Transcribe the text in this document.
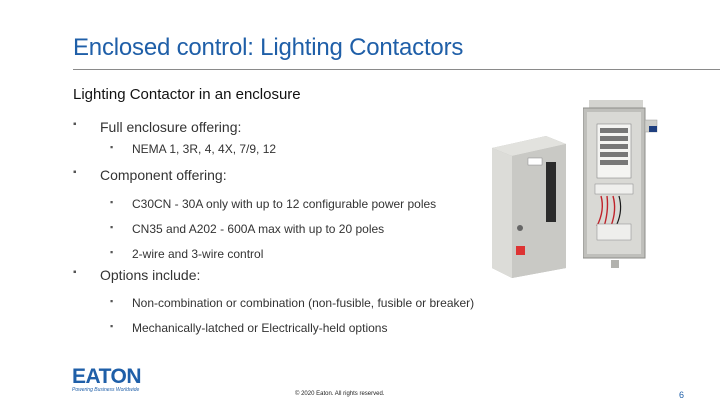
Enclosed control: Lighting Contactors
Lighting Contactor in an enclosure
▪ Full enclosure offering:
▪ NEMA 1, 3R, 4, 4X, 7/9, 12
▪ Component offering:
▪ C30CN - 30A only with up to 12 configurable power poles
▪ CN35 and A202 - 600A max with up to 20 poles
▪ 2-wire and 3-wire control
▪ Options include:
▪ Non-combination or combination (non-fusible, fusible or breaker)
▪ Mechanically-latched or Electrically-held options
EATON
Powering Business Worldwide
© 2020 Eaton. All rights reserved.	6
